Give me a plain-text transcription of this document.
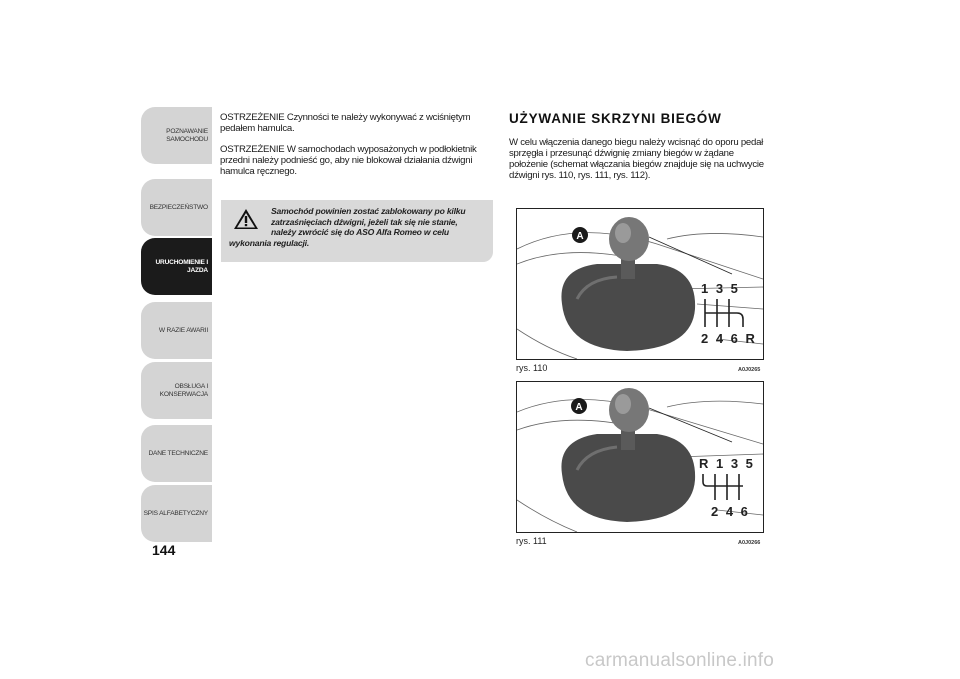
POZNAWANIE
SAMOCHODU
BEZPIECZEŃSTWO
URUCHOMIENIE I
JAZDA
W RAZIE AWARII
OBSŁUGA I
KONSERWACJA
DANE TECHNICZNE
SPIS ALFABETYCZNY
144

OSTRZEŻENIE Czynności te należy wykonywać z wciśniętym pedałem hamulca.

OSTRZEŻENIE W samochodach wyposażonych w podłokietnik przedni należy podnieść go, aby nie blokował działania dźwigni hamulca ręcznego.

Samochód powinien zostać zablokowany po kilku
zatrzaśnięciach dźwigni, jeżeli tak się nie stanie,
należy zwrócić się do ASO Alfa Romeo w celu
wykonania regulacji.
UŻYWANIE SKRZYNI BIEGÓW
W celu włączenia danego biegu należy wcisnąć do oporu pedał sprzęgła i przesunąć dźwignię zmiany biegów w żądane położenie (schemat włączania biegów znajduje się na uchwycie dźwigni rys. 110, rys. 111, rys. 112).
A
1 3 5
2 4 6 R
rys. 110	A0J0265
A
R 1 3 5
2 4 6
rys. 111	A0J0266
carmanualsonline.info
